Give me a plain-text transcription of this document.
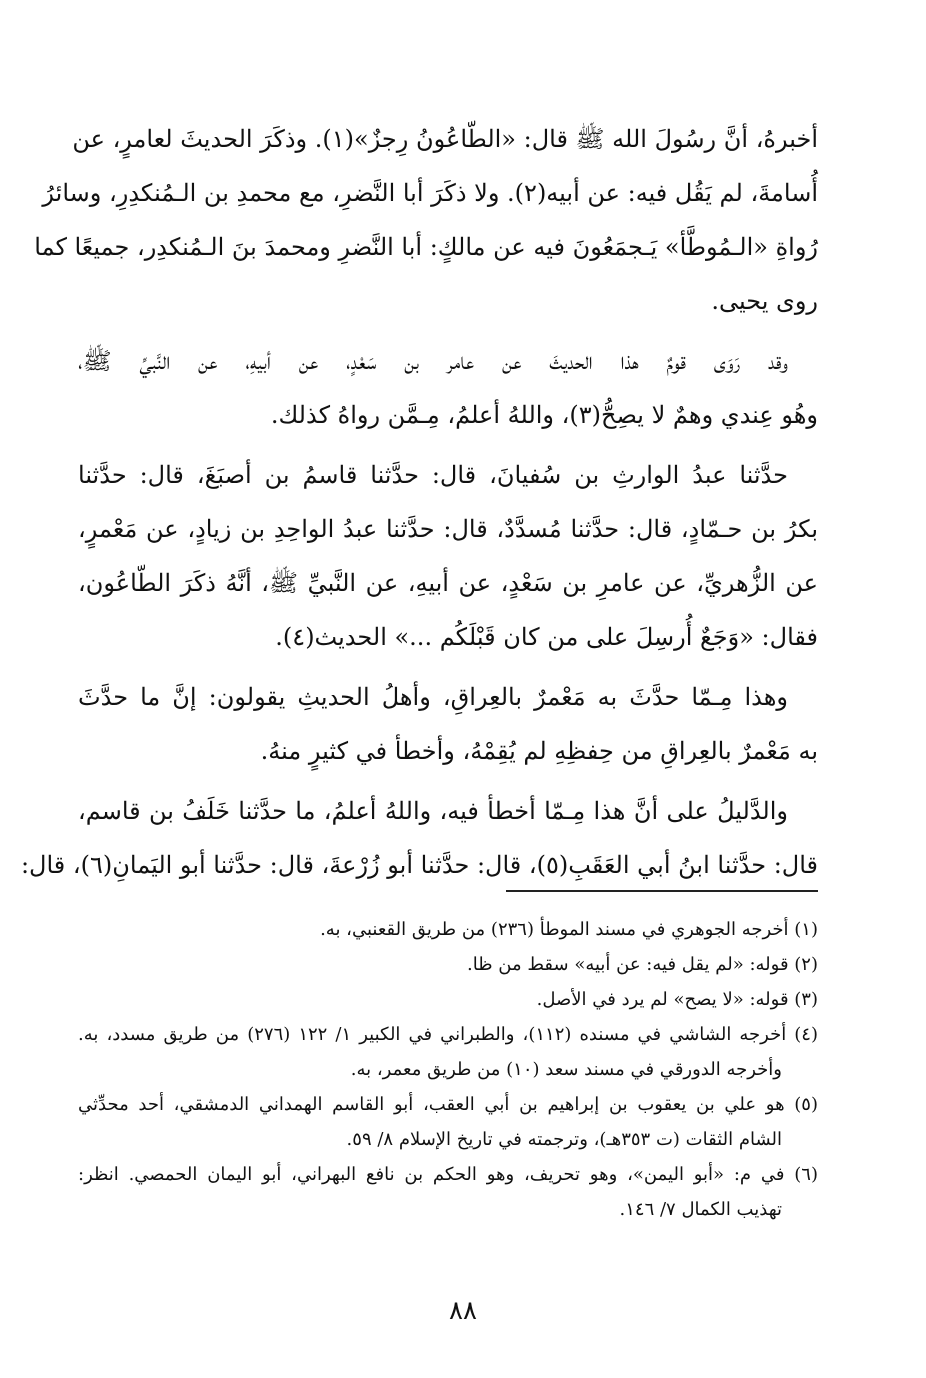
أخبرهُ، أنَّ رسُولَ الله ﷺ قال: «الطّاعُونُ رِجزٌ»(١). وذكَرَ الحديثَ لعامرٍ، عن
أُسامةَ، لم يَقُل فيه: عن أبيه(٢). ولا ذكَرَ أبا النَّضرِ، مع محمدِ بن الـمُنكدِرِ، وسائرُ
رُواةِ «الـمُوطَّأ» يَـجمَعُونَ فيه عن مالكٍ: أبا النَّضرِ ومحمدَ بنَ الـمُنكدِر، جميعًا كما
روى يحيى.
وقد رَوَى قومٌ هذا الحديثَ عن عامر بن سَعْدٍ، عن أبيهِ، عن النَّبيِّ ﷺ،
وهُو عِندي وهمٌ لا يصِحُّ(٣)، واللهُ أعلمُ، مِـمَّن رواهُ كذلك.
حدَّثنا عبدُ الوارثِ بن سُفيانَ، قال: حدَّثنا قاسمُ بن أصبَغَ، قال: حدَّثنا
بكرُ بن حـمّادٍ، قال: حدَّثنا مُسدَّدٌ، قال: حدَّثنا عبدُ الواحِدِ بن زيادٍ، عن مَعْمرٍ،
عن الزُّهريِّ، عن عامرِ بن سَعْدٍ، عن أبيهِ، عن النَّبيِّ ﷺ، أنَّهُ ذكَرَ الطّاعُون،
فقال: «وَجَعٌ أُرسِلَ على من كان قَبْلَكُم ...» الحديث(٤).
وهذا مِـمّا حدَّثَ به مَعْمرٌ بالعِراقِ، وأهلُ الحديثِ يقولون: إنَّ ما حدَّثَ
به مَعْمرٌ بالعِراقِ من حِفظِهِ لم يُقِمْهُ، وأخطأ في كثيرٍ منهُ.
والدَّليلُ على أنَّ هذا مِـمّا أخطأ فيه، واللهُ أعلمُ، ما حدَّثنا خَلَفُ بن قاسم،
قال: حدَّثنا ابنُ أبي العَقَبِ(٥)، قال: حدَّثنا أبو زُرْعةَ، قال: حدَّثنا أبو اليَمانِ(٦)، قال:
(١) أخرجه الجوهري في مسند الموطأ (٢٣٦) من طريق القعنبي، به.
(٢) قوله: «لم يقل فيه: عن أبيه» سقط من ظا.
(٣) قوله: «لا يصح» لم يرد في الأصل.
(٤) أخرجه الشاشي في مسنده (١١٢)، والطبراني في الكبير ١/ ١٢٢ (٢٧٦) من طريق مسدد، به.
وأخرجه الدورقي في مسند سعد (١٠) من طريق معمر، به.
(٥) هو علي بن يعقوب بن إبراهيم بن أبي العقب، أبو القاسم الهمداني الدمشقي، أحد محدِّثي
الشام الثقات (ت ٣٥٣هـ)، وترجمته في تاريخ الإسلام ٨/ ٥٩.
(٦) في م: «أبو اليمن»، وهو تحريف، وهو الحكم بن نافع البهراني، أبو اليمان الحمصي. انظر:
تهذيب الكمال ٧/ ١٤٦.
٨٨
